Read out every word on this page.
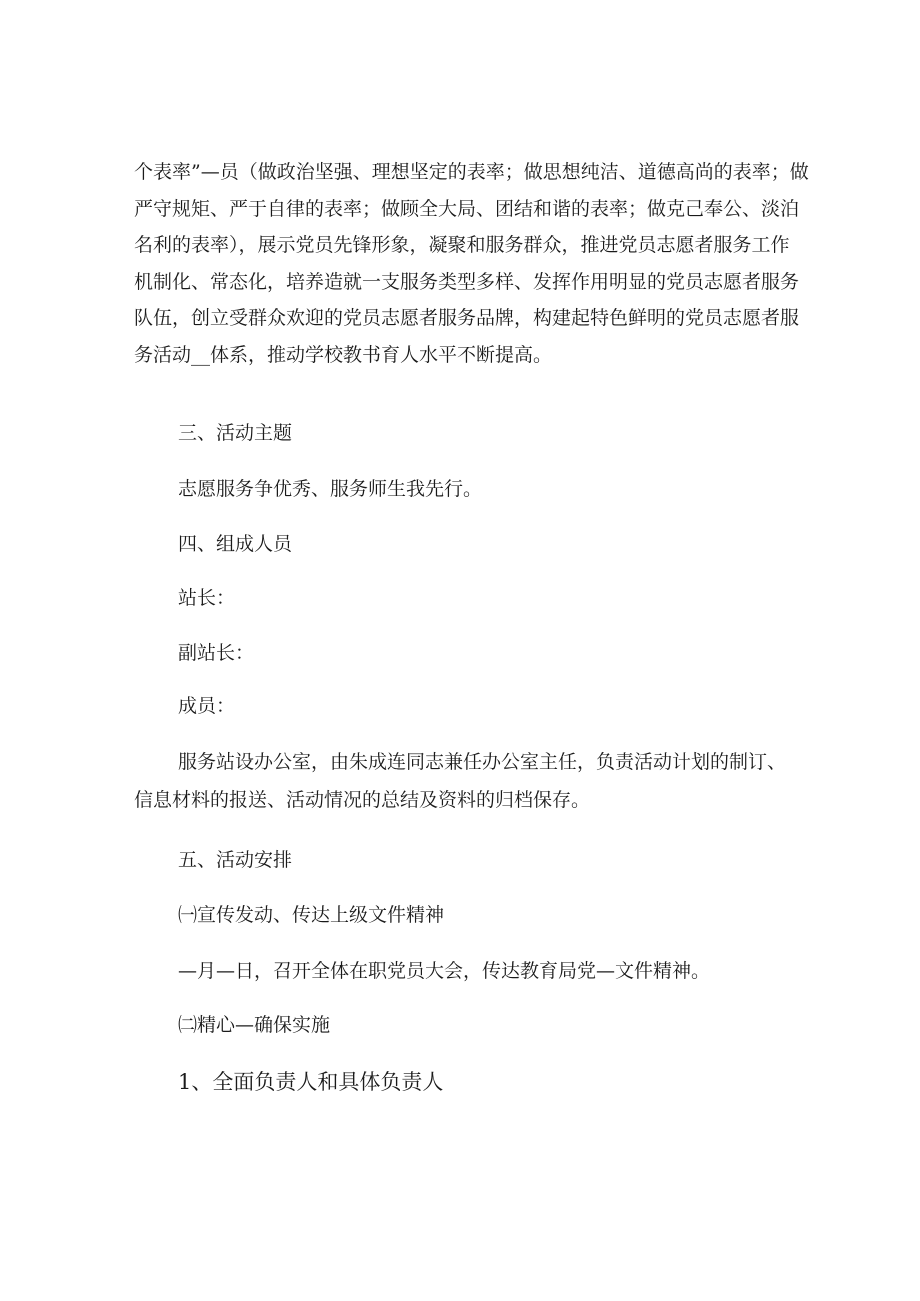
个表率”—员（做政治坚强、理想坚定的表率；做思想纯洁、道德高尚的表率；做
严守规矩、严于自律的表率；做顾全大局、团结和谐的表率；做克己奉公、淡泊
名利的表率），展示党员先锋形象，凝聚和服务群众，推进党员志愿者服务工作
机制化、常态化，培养造就一支服务类型多样、发挥作用明显的党员志愿者服务
队伍，创立受群众欢迎的党员志愿者服务品牌，构建起特色鲜明的党员志愿者服
务活动__体系，推动学校教书育人水平不断提高。
三、活动主题
志愿服务争优秀、服务师生我先行。
四、组成人员
站长：
副站长：
成员：
服务站设办公室，由朱成连同志兼任办公室主任，负责活动计划的制订、
信息材料的报送、活动情况的总结及资料的归档保存。
五、活动安排
㈠宣传发动、传达上级文件精神
—月—日，召开全体在职党员大会，传达教育局党—文件精神。
㈡精心—确保实施
1、全面负责人和具体负责人
